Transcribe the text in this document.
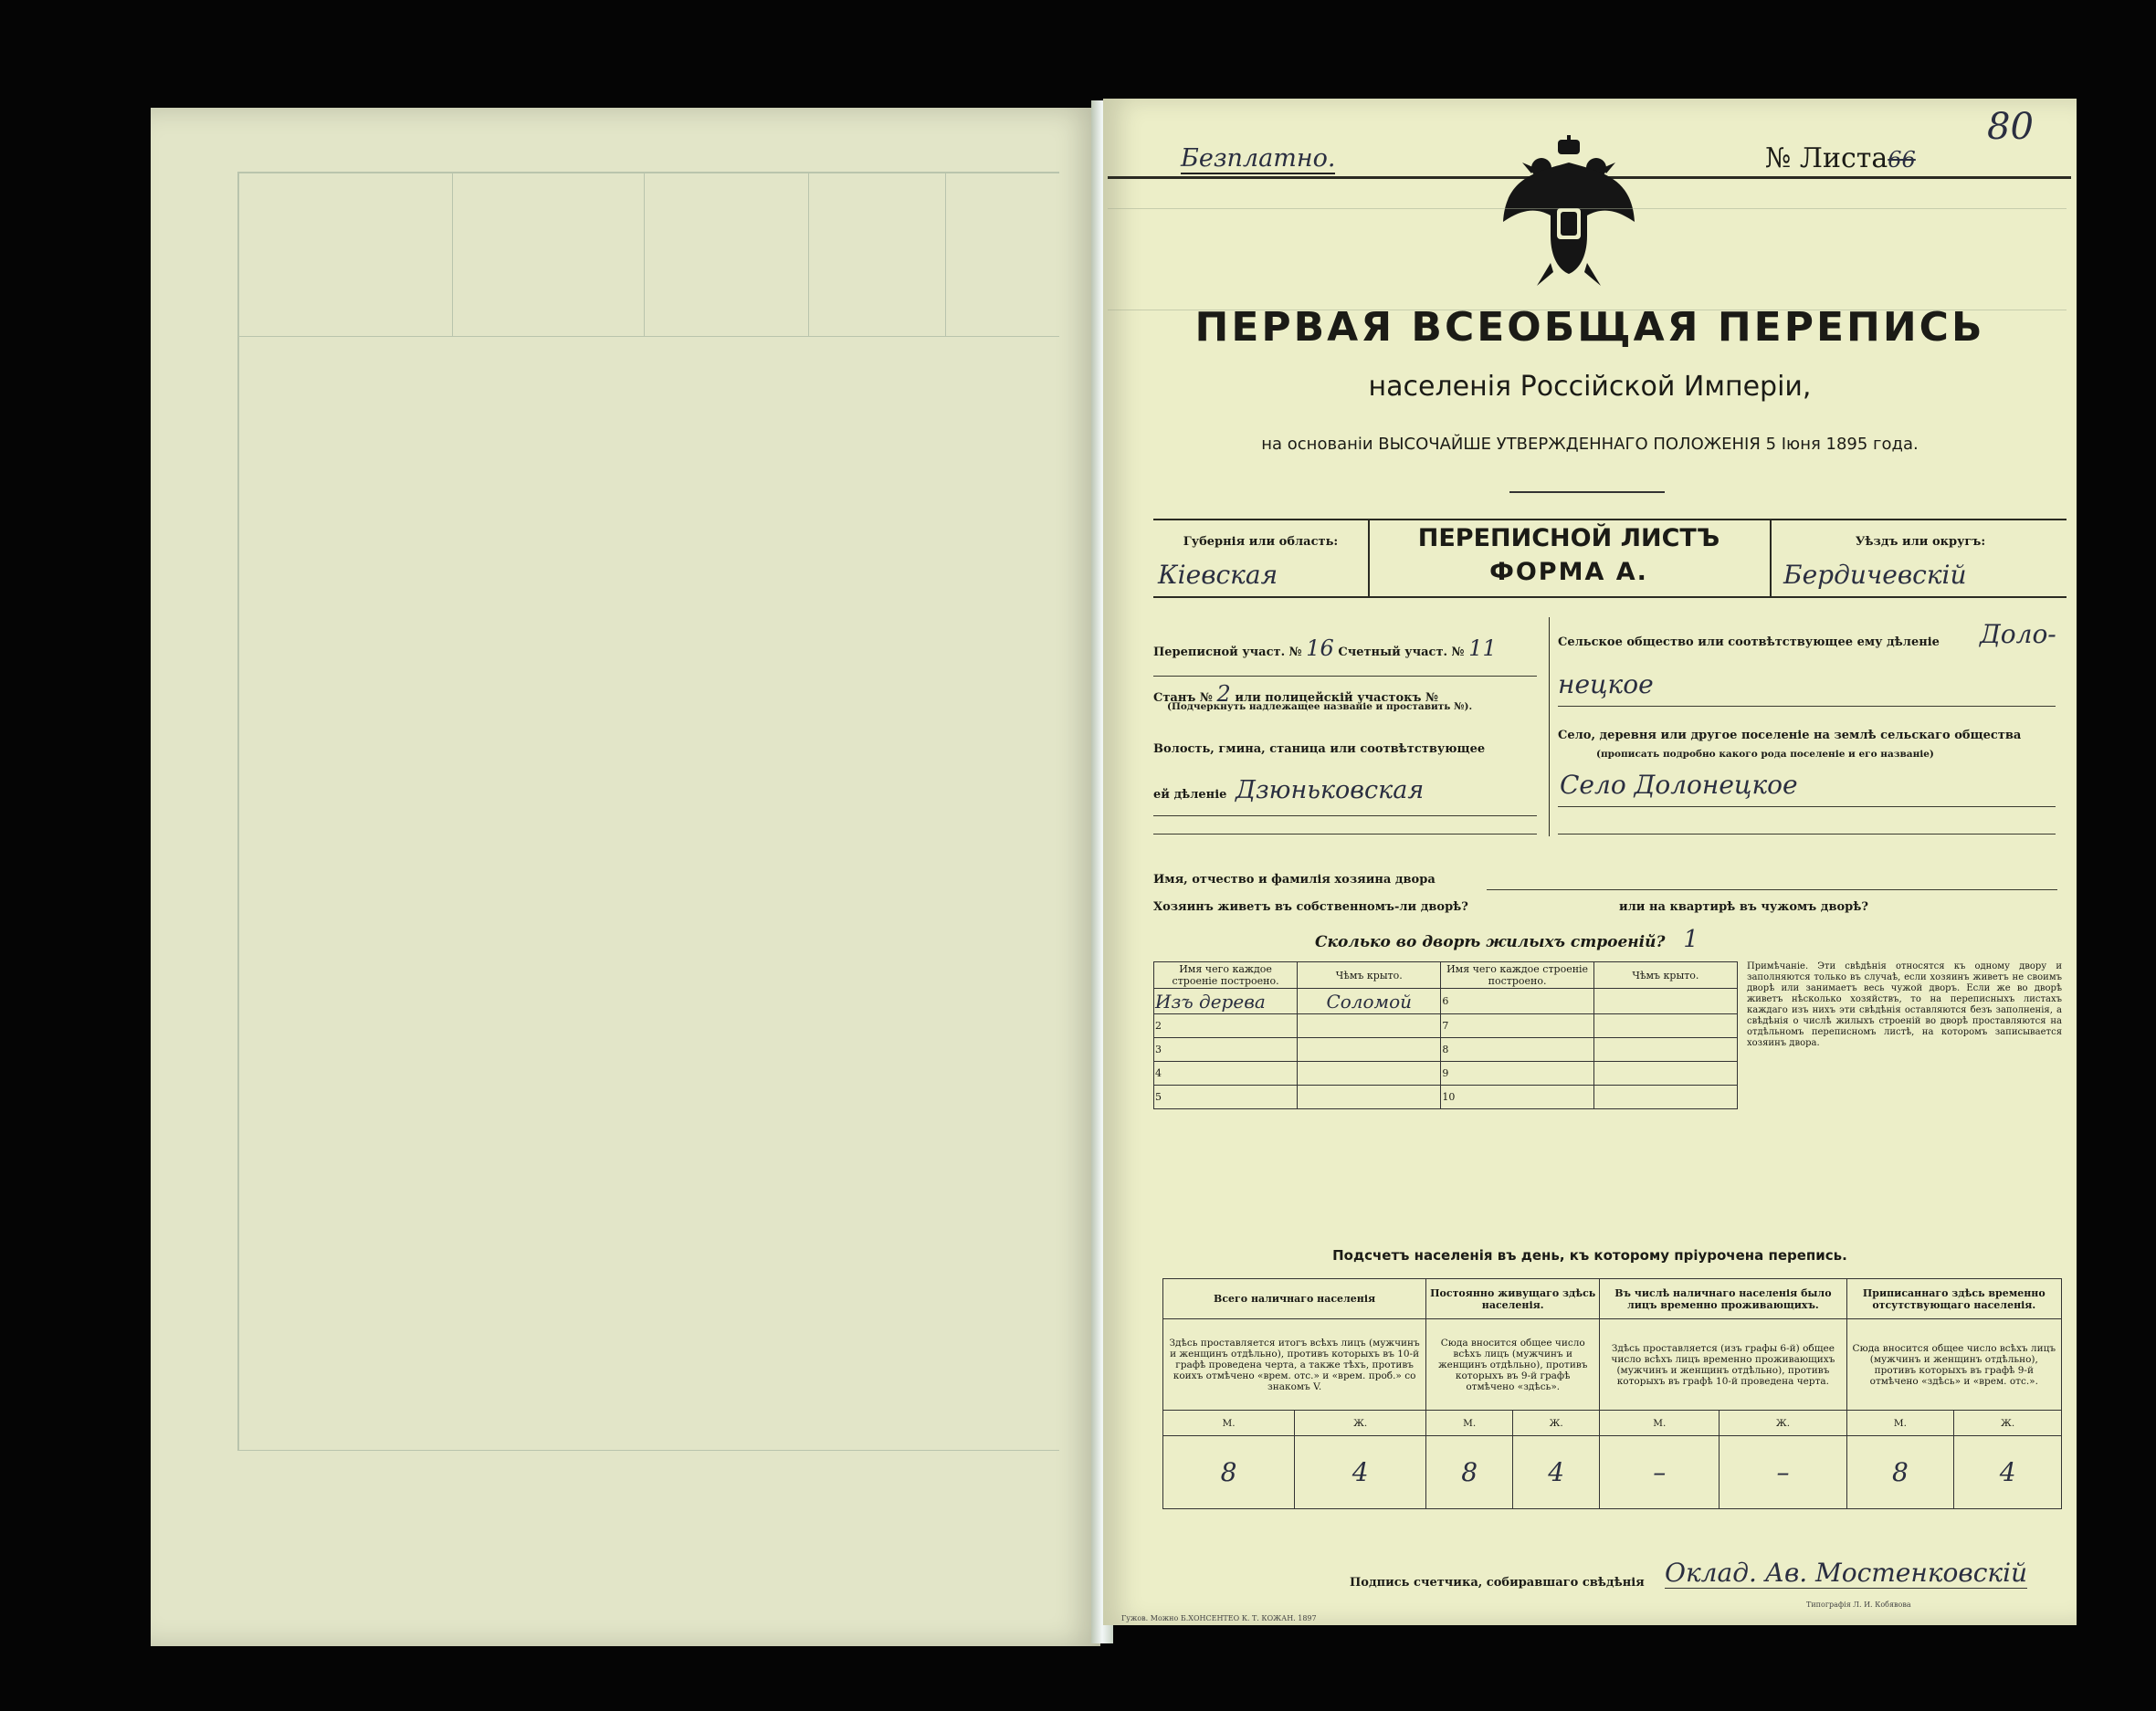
Безплатно.	№ Листа66
80
ПЕРВАЯ ВСЕОБЩАЯ ПЕРЕПИСЬ
населенія Россійской Имперіи,
на основаніи ВЫСОЧАЙШЕ УТВЕРЖДЕННАГО ПОЛОЖЕНІЯ 5 Іюня 1895 года.
Губернія или область:
Кіевская
ПЕРЕПИСНОЙ ЛИСТЪ
ФОРМА А.
Уѣздъ или округъ:
Бердичевскій
Переписной участ. № 16 Счетный участ. № 11
Станъ № 2 или полицейскій участокъ №
(Подчеркнуть надлежащее названіе и проставить №).
Волость, гмина, станица или соотвѣтствующее
ей дѣленіе Дзюньковская
Сельское общество или соотвѣтствующее ему дѣленіе Доло-
нецкое
Село, деревня или другое поселеніе на землѣ сельскаго общества
(прописать подробно какого рода поселеніе и его названіе)
Село Долонецкое
Имя, отчество и фамилія хозяина двора
Хозяинъ живетъ въ собственномъ-ли дворѣ?	или на квартирѣ въ чужомъ дворѣ?
Сколько во дворѣ жилыхъ строеній? 1
Имя чего каждое строеніе построено.	Чѣмъ крыто.	Имя чего каждое строеніе построено.	Чѣмъ крыто.
Изъ дерева	Соломой	6	
2		7	
3		8	
4		9	
5		10	
Примѣчаніе. Эти свѣдѣнія относятся къ одному двору и заполняются только въ случаѣ, если хозяинъ живетъ не своимъ дворѣ или занимаетъ весь чужой дворъ. Если же во дворѣ живетъ нѣсколько хозяйствъ, то на переписныхъ листахъ каждаго изъ нихъ эти свѣдѣнія оставляются безъ заполненія, а свѣдѣнія о числѣ жилыхъ строеній во дворѣ проставляются на отдѣльномъ переписномъ листѣ, на которомъ записывается хозяинъ двора.
Подсчетъ населенія въ день, къ которому пріурочена перепись.
Всего наличнаго населенія		Постоянно живущаго здѣсь населенія.		Въ числѣ наличнаго населенія было лицъ временно проживающихъ.		Приписаннаго здѣсь временно отсутствующаго населенія.	
Здѣсь проставляется итогъ всѣхъ лицъ (мужчинъ и женщинъ отдѣльно), противъ которыхъ въ 10-й графѣ проведена черта, а также тѣхъ, противъ коихъ отмѣчено «врем. отс.» и «врем. проб.» со знакомъ V.		Сюда вносится общее число всѣхъ лицъ (мужчинъ и женщинъ отдѣльно), противъ которыхъ въ 9-й графѣ отмѣчено «здѣсь».		Здѣсь проставляется (изъ графы 6-й) общее число всѣхъ лицъ временно проживающихъ (мужчинъ и женщинъ отдѣльно), противъ которыхъ въ графѣ 10-й проведена черта.		Сюда вносится общее число всѣхъ лицъ (мужчинъ и женщинъ отдѣльно), противъ которыхъ въ графѣ 9-й отмѣчено «здѣсь» и «врем. отс.».	
М.	Ж.	М.	Ж.	М.	Ж.	М.	Ж.
8	4	8	4	–	–	8	4
Подпись счетчика, собиравшаго свѣдѣнія Оклад. Ав. Мостенковскій
Гужов. Можно Б.ХОНСЕНТЕО К. Т. КОЖАН. 1897
Типографія Л. И. Кобявова
